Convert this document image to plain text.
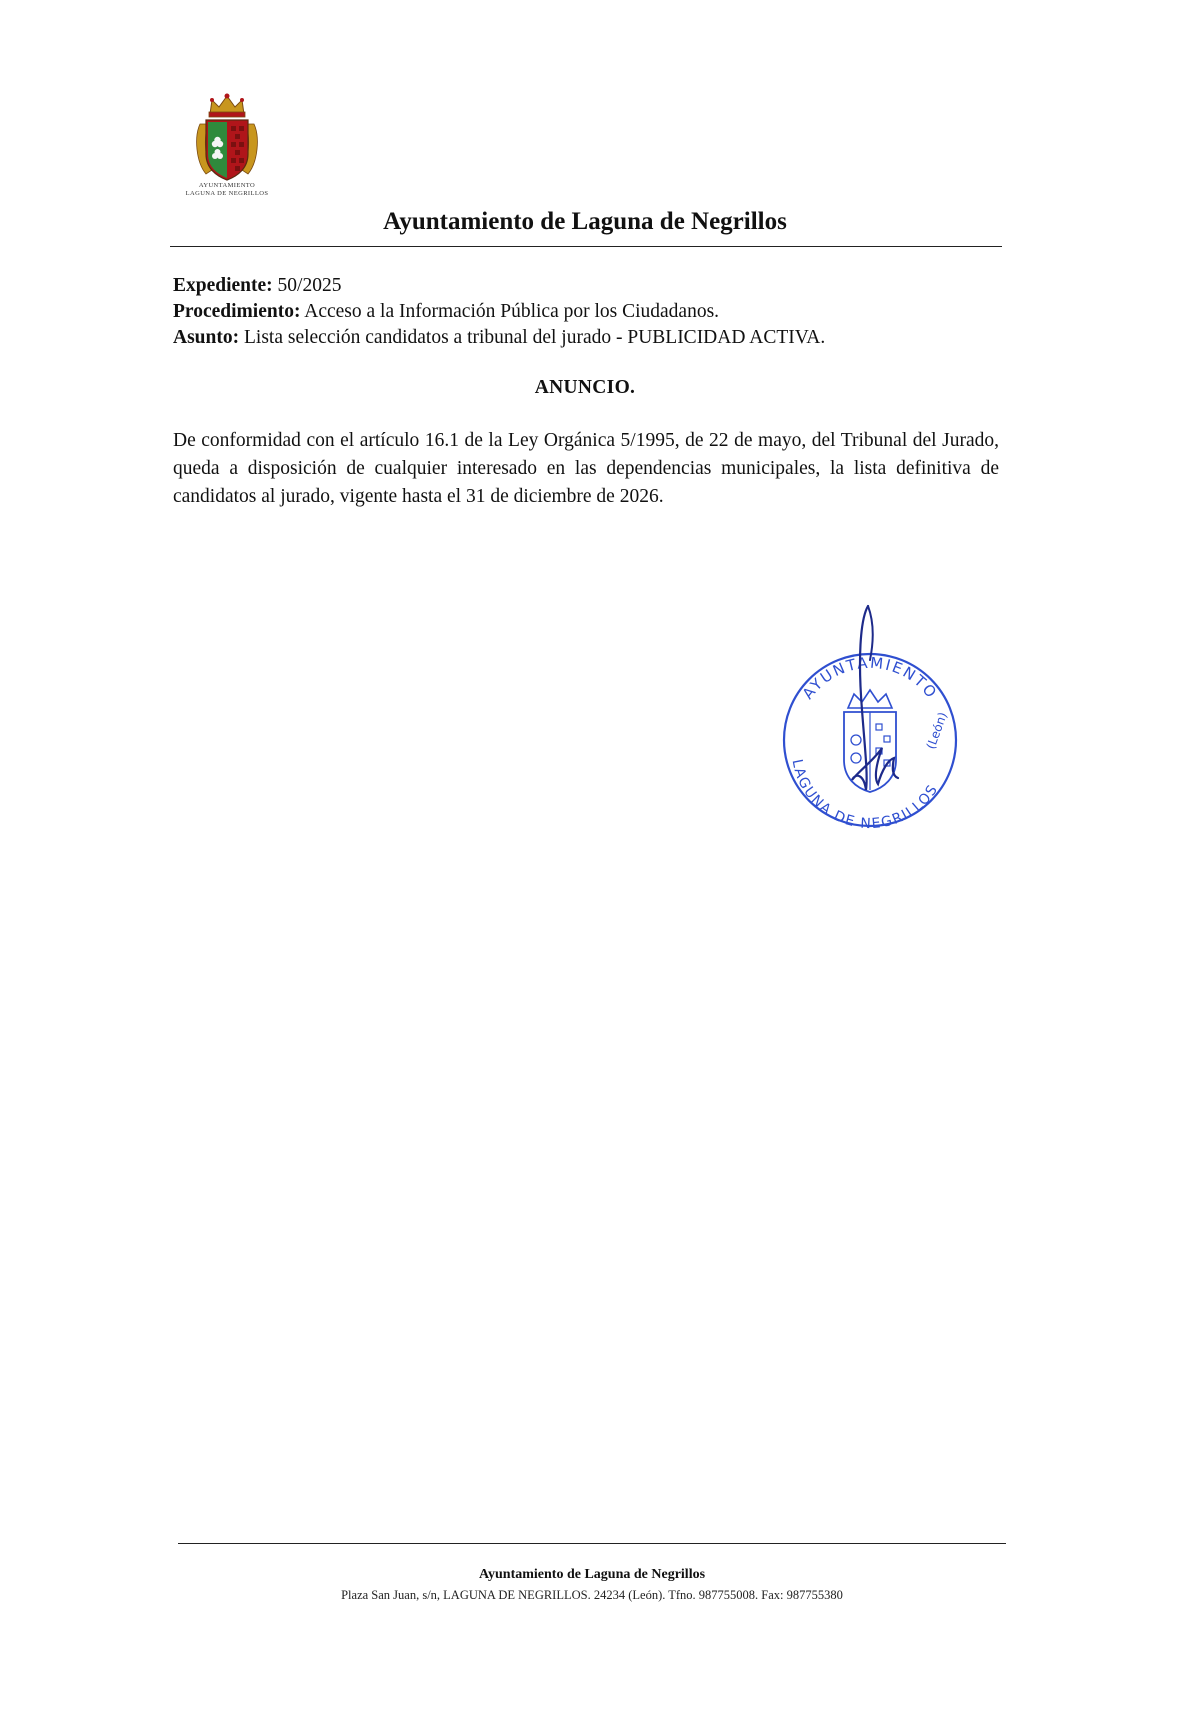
AYUNTAMIENTO
LAGUNA DE NEGRILLOS
Ayuntamiento de Laguna de Negrillos
Expediente: 50/2025
Procedimiento: Acceso a la Información Pública por los Ciudadanos.
Asunto: Lista selección candidatos a tribunal del jurado - PUBLICIDAD ACTIVA.
ANUNCIO.
De conformidad con el artículo 16.1 de la Ley Orgánica 5/1995, de 22 de mayo, del Tribunal del Jurado, queda a disposición de cualquier interesado en las dependencias municipales, la lista definitiva de candidatos al jurado, vigente hasta el 31 de diciembre de 2026.
AYUNTAMIENTO
LAGUNA DE NEGRILLOS
(León)
Ayuntamiento de Laguna de Negrillos
Plaza San Juan, s/n, LAGUNA DE NEGRILLOS. 24234 (León). Tfno. 987755008. Fax: 987755380
